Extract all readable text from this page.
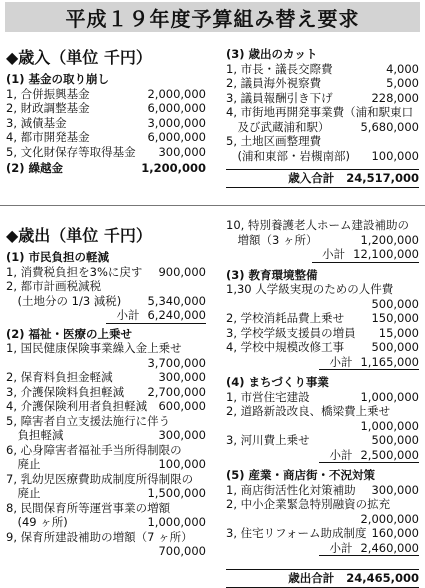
平成１９年度予算組み替え要求
◆歳入（単位 千円）
(1) 基金の取り崩し
1, 合併振興基金	2,000,000
2, 財政調整基金	6,000,000
3, 減債基金	3,000,000
4, 都市開発基金	6,000,000
5, 文化財保存等取得基金 300,000
(2) 繰越金	1,200,000
(3) 歳出のカット
1, 市長・議長交際費	4,000
2, 議員海外視察費	5,000
3, 議員報酬引き下げ	228,000
4, 市街地再開発事業費（浦和駅東口
　及び武蔵浦和駅）	5,680,000
5, 土地区画整理費
　(浦和東部・岩槻南部) 100,000
歳入合計 24,517,000
◆歳出（単位 千円）
(1) 市民負担の軽減
1, 消費税負担を3%に戻す 900,000
2, 都市計画税減税
　(土地分の 1/3 減税) 5,340,000
小計 6,240,000
(2) 福祉・医療の上乗せ
1, 国民健康保険事業繰入金上乗せ
3,700,000
2, 保育料負担金軽減	300,000
3, 介護保険料負担軽減 2,700,000
4, 介護保険利用者負担軽減 600,000
5, 障害者自立支援法施行に伴う
　負担軽減	300,000
6, 心身障害者福祉手当所得制限の
　廃止	100,000
7, 乳幼児医療費助成制度所得制限の
　廃止	1,500,000
8, 民間保育所等運営事業の増額
　(49 ヶ所)	1,000,000
9, 保育所建設補助の増額（7 ヶ所）
700,000
10, 特別養護老人ホーム建設補助の
　増額（3 ヶ所）	1,200,000
小計 12,100,000
(3) 教育環境整備
1,30 人学級実現のための人件費
500,000
2, 学校消耗品費上乗せ 150,000
3, 学校学級支援員の増員 15,000
4, 学校中規模改修工事 500,000
小計 1,165,000
(4) まちづくり事業
1, 市営住宅建設	1,000,000
2, 道路新設改良、橋梁費上乗せ
1,000,000
3, 河川費上乗せ	500,000
小計 2,500,000
(5) 産業・商店街・不況対策
1, 商店街活性化対策補助 300,000
2, 中小企業緊急特別融資の拡充
2,000,000
3, 住宅リフォーム助成制度 160,000
小計 2,460,000
歳出合計 24,465,000
